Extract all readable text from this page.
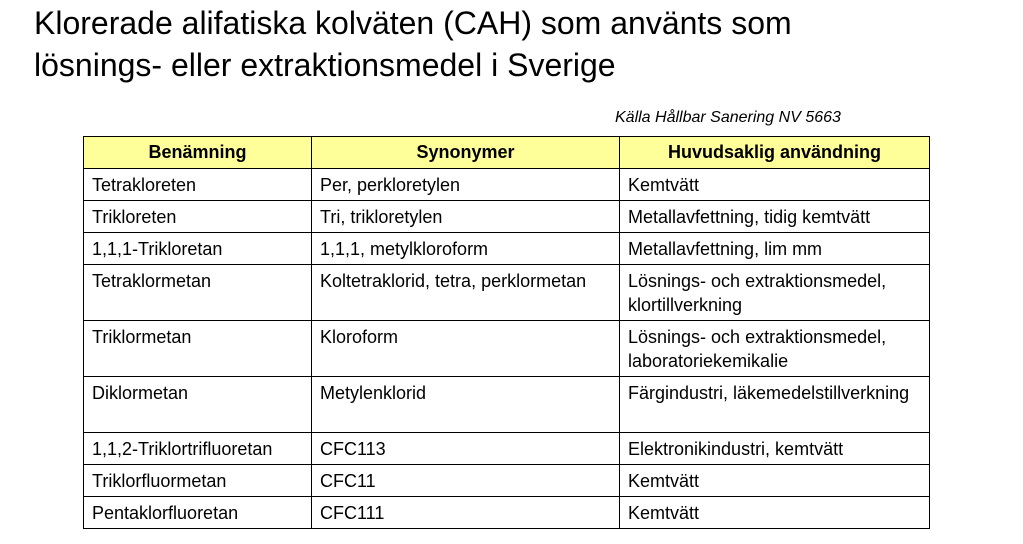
Klorerade alifatiska kolväten (CAH) som använts som
lösnings- eller extraktionsmedel i Sverige
Källa Hållbar Sanering NV 5663
Benämning	Synonymer	Huvudsaklig användning
Tetrakloreten	Per, perkloretylen	Kemtvätt
Trikloreten	Tri, trikloretylen	Metallavfettning, tidig kemtvätt
1,1,1-Trikloretan	1,1,1, metylkloroform	Metallavfettning, lim mm
Tetraklormetan	Koltetraklorid, tetra, perklormetan	Lösnings- och extraktionsmedel, klortillverkning
Triklormetan	Kloroform	Lösnings- och extraktionsmedel, laboratoriekemikalie
Diklormetan	Metylenklorid	Färgindustri, läkemedelstillverkning
1,1,2-Triklortrifluoretan	CFC113	Elektronikindustri, kemtvätt
Triklorfluormetan	CFC11	Kemtvätt
Pentaklorfluoretan	CFC111	Kemtvätt
